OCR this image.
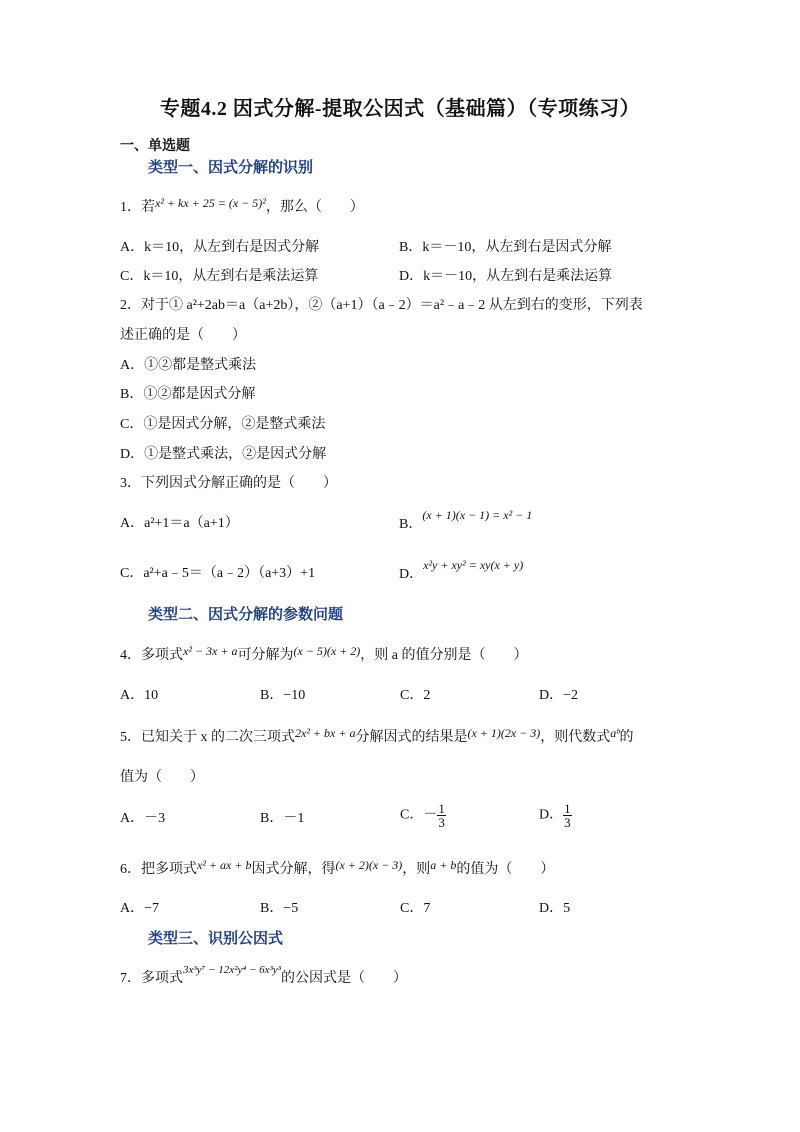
专题4.2 因式分解-提取公因式（基础篇）（专项练习）
一、单选题
类型一、因式分解的识别
1．若x² + kx + 25 = (x − 5)²，那么（　　）
A．k＝10，从左到右是因式分解	B．k＝－10，从左到右是因式分解
C．k＝10，从左到右是乘法运算	D．k＝－10，从左到右是乘法运算
2．对于① a²+2ab＝a（a+2b），②（a+1）（a﹣2）＝a²﹣a﹣2 从左到右的变形，下列表
述正确的是（　　）
A．①②都是整式乘法
B．①②都是因式分解
C．①是因式分解，②是整式乘法
D．①是整式乘法，②是因式分解
3．下列因式分解正确的是（　　）
A．a²+1＝a（a+1）	B．(x + 1)(x − 1) = x² − 1
C．a²+a﹣5＝（a﹣2）（a+3）+1	D．x²y + xy² = xy(x + y)
类型二、因式分解的参数问题
4．多项式x² − 3x + a可分解为(x − 5)(x + 2)，则 a 的值分别是（　　）
A．10	B．−10	C．2	D．−2
5．已知关于 x 的二次三项式2x² + bx + a分解因式的结果是(x + 1)(2x − 3)，则代数式aᵇ的
值为（　　）
A．－3	B．－1	C．－ $\frac{1}{3}$	D． $\frac{1}{3}$
6．把多项式x² + ax + b因式分解，得(x + 2)(x − 3)，则a + b的值为（　　）
A．−7	B．−5	C．7	D．5
类型三、识别公因式
7．多项式$^{3x^3y^7 - 12x^2y^4 - 6x^3y^3}$的公因式是（　　）
